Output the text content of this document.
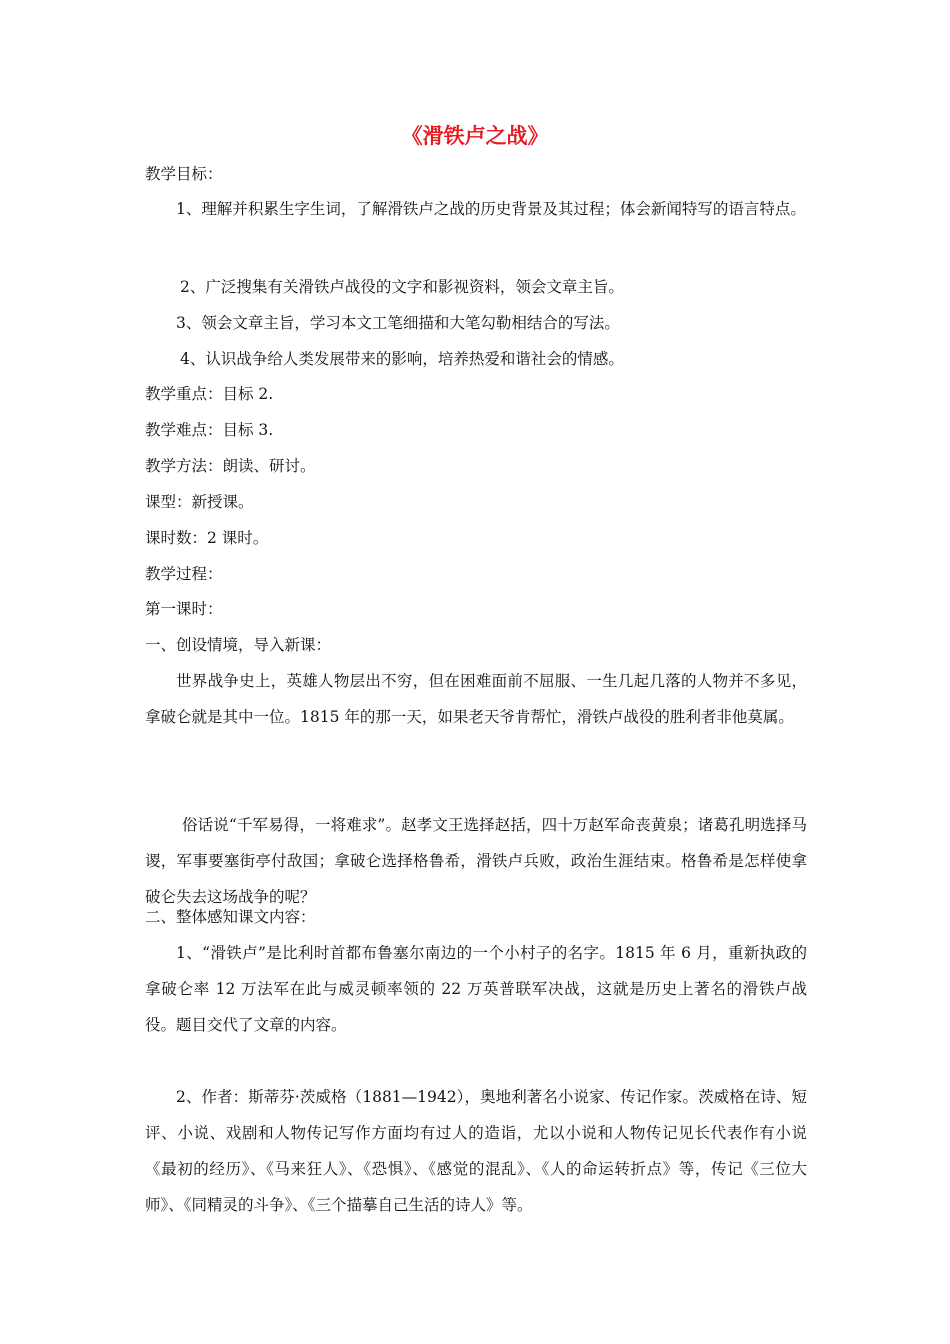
《滑铁卢之战》
教学目标：
1、理解并积累生字生词，了解滑铁卢之战的历史背景及其过程；体会新闻特写的语言特点。
2、广泛搜集有关滑铁卢战役的文字和影视资料，领会文章主旨。
3、领会文章主旨，学习本文工笔细描和大笔勾勒相结合的写法。
4、认识战争给人类发展带来的影响，培养热爱和谐社会的情感。
教学重点：目标 2.
教学难点：目标 3.
教学方法：朗读、研讨。
课型：新授课。
课时数：2 课时。
教学过程：
第一课时：
一、创设情境，导入新课：
世界战争史上，英雄人物层出不穷，但在困难面前不屈服、一生几起几落的人物并不多见，拿破仑就是其中一位。1815 年的那一天，如果老天爷肯帮忙，滑铁卢战役的胜利者非他莫属。
俗话说“千军易得，一将难求”。赵孝文王选择赵括，四十万赵军命丧黄泉；诸葛孔明选择马谡，军事要塞街亭付敌国；拿破仑选择格鲁希，滑铁卢兵败，政治生涯结束。格鲁希是怎样使拿破仑失去这场战争的呢？
二、整体感知课文内容：
1、“滑铁卢”是比利时首都布鲁塞尔南边的一个小村子的名字。1815 年 6 月，重新执政的拿破仑率 12 万法军在此与威灵顿率领的 22 万英普联军决战，这就是历史上著名的滑铁卢战役。题目交代了文章的内容。
2、作者：斯蒂芬·茨威格（1881—1942），奥地利著名小说家、传记作家。茨威格在诗、短评、小说、戏剧和人物传记写作方面均有过人的造诣，尤以小说和人物传记见长代表作有小说《最初的经历》、《马来狂人》、《恐惧》、《感觉的混乱》、《人的命运转折点》等，传记《三位大师》、《同精灵的斗争》、《三个描摹自己生活的诗人》等。
